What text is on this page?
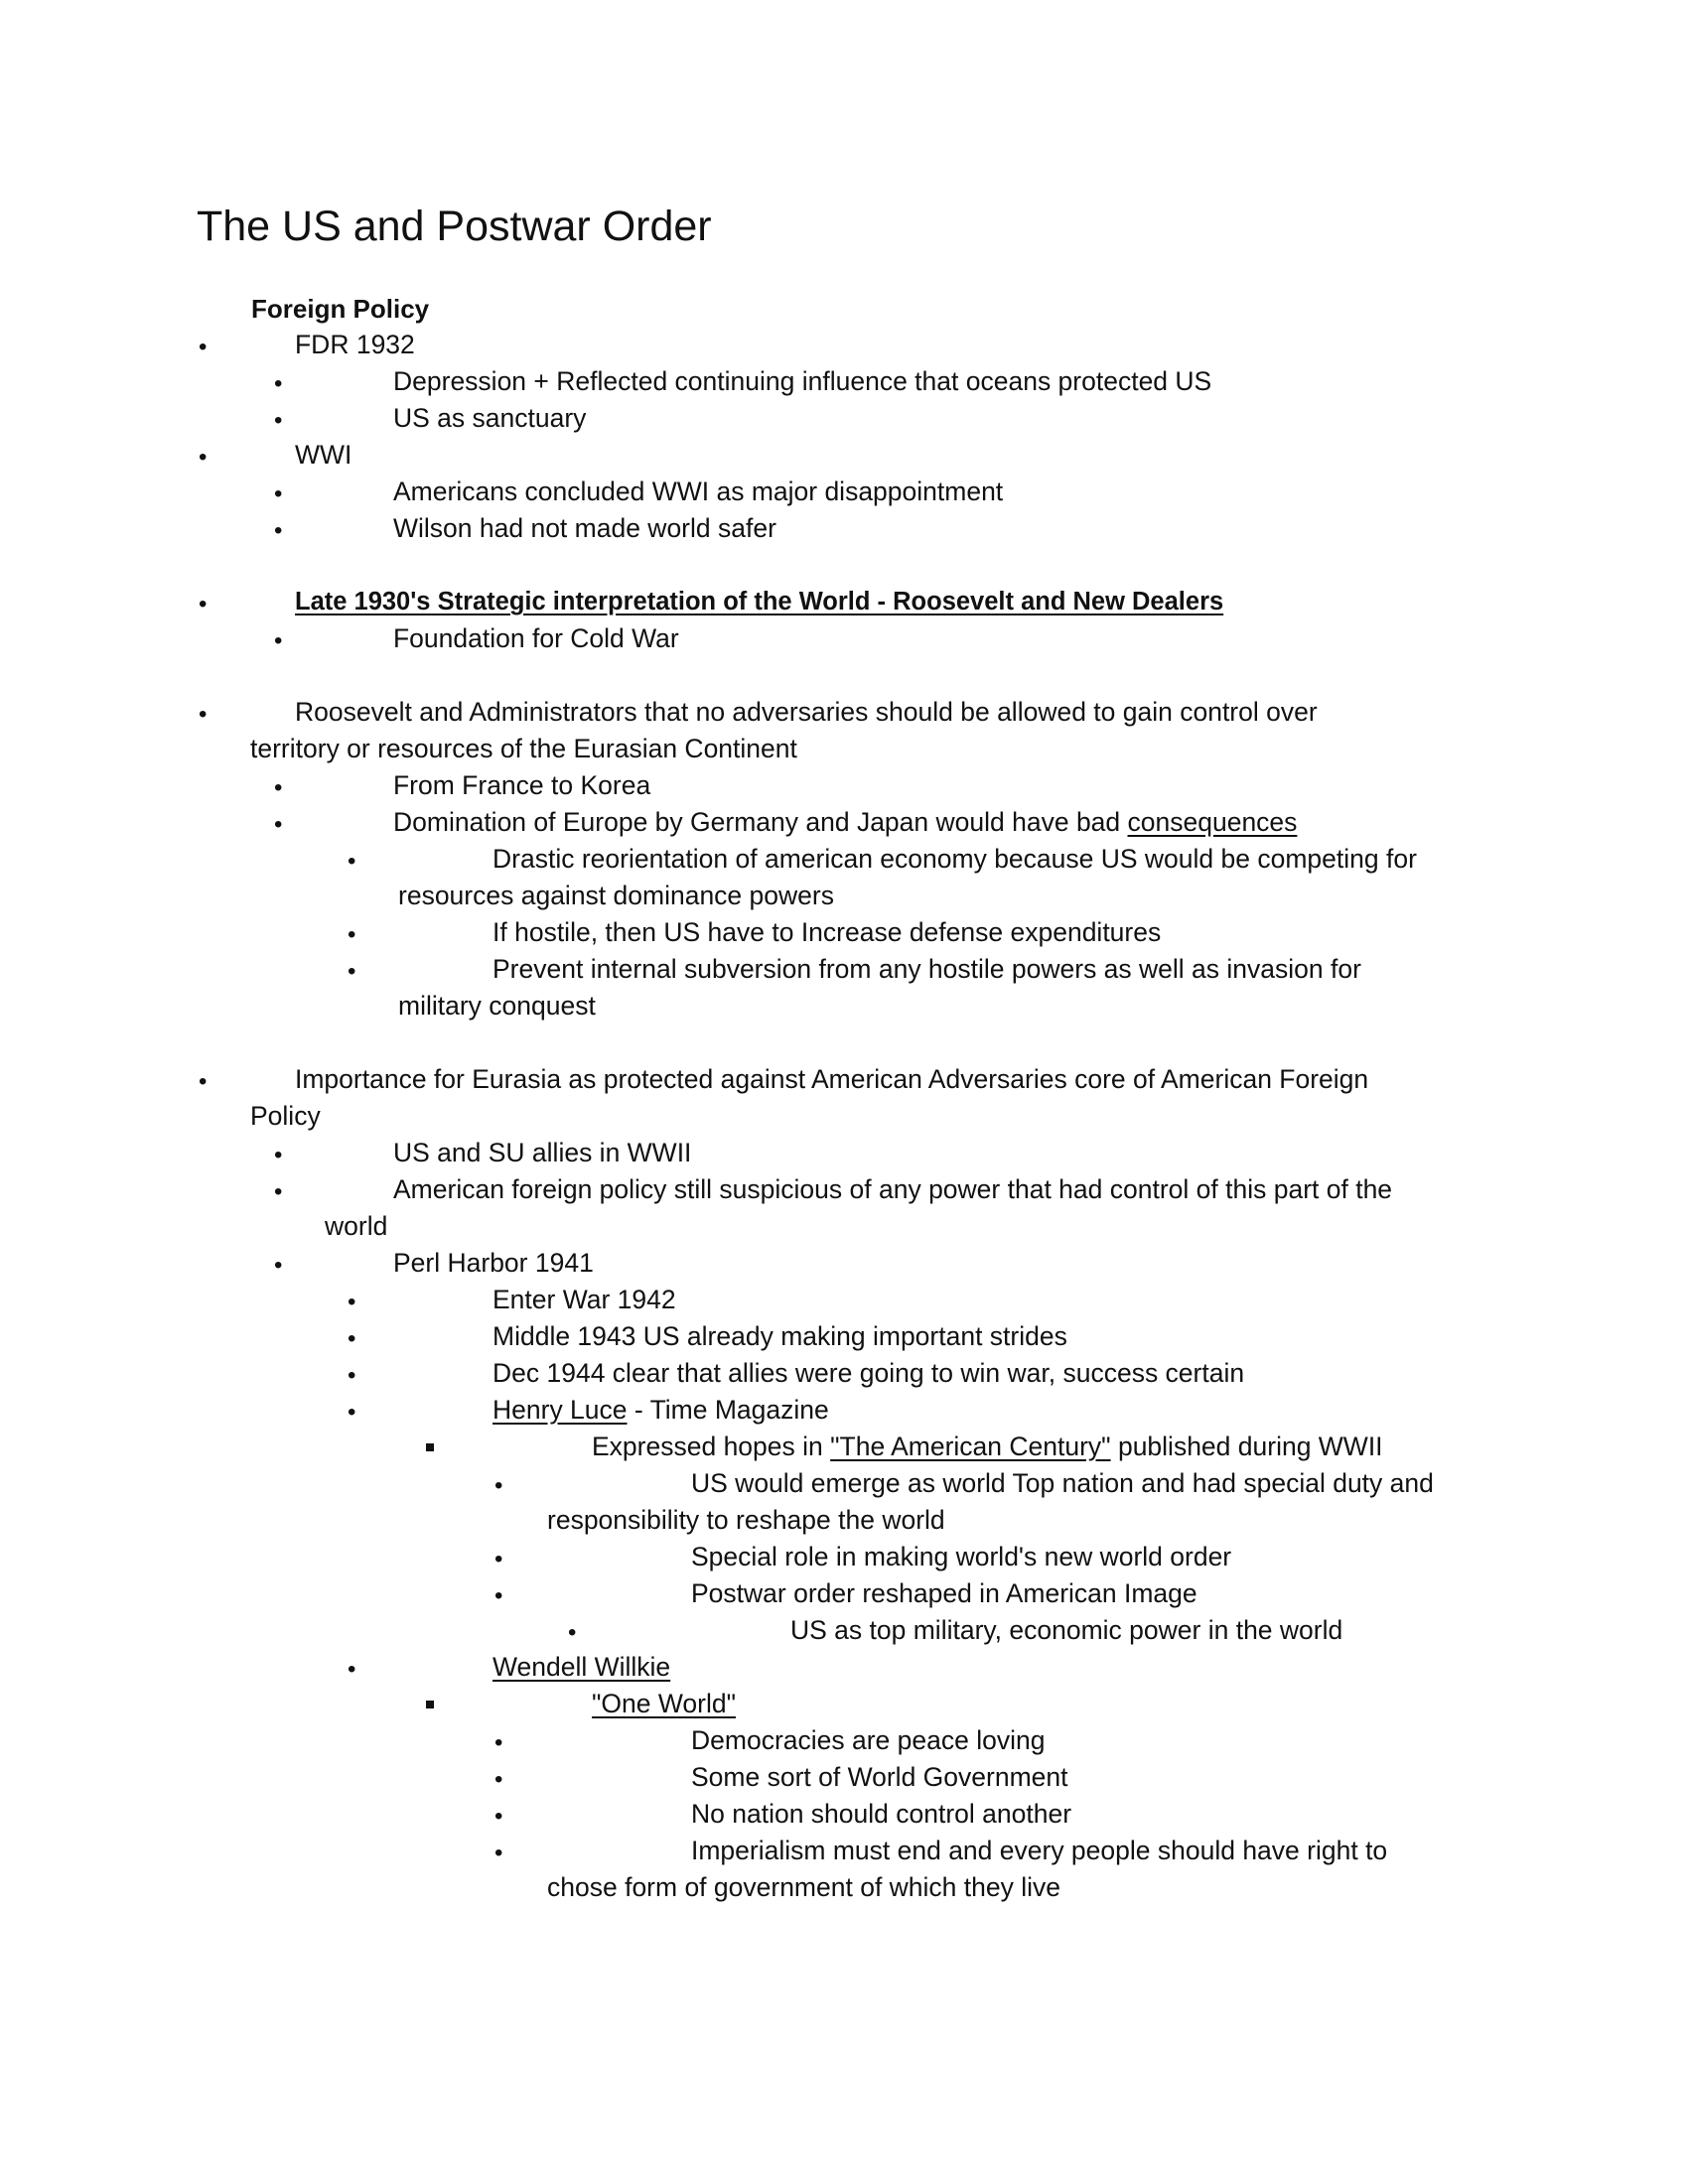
The US and Postwar Order
Foreign Policy
•	FDR 1932
•	Depression + Reflected continuing influence that oceans protected US
•	US as sanctuary
•	WWI
•	Americans concluded WWI as major disappointment
•	Wilson had not made world safer
•	Late 1930's Strategic interpretation of the World - Roosevelt and New Dealers
•	Foundation for Cold War
•	Roosevelt and Administrators that no adversaries should be allowed to gain control over
territory or resources of the Eurasian Continent
•	From France to Korea
•	Domination of Europe by Germany and Japan would have bad consequences
•	Drastic reorientation of american economy because US would be competing for
resources against dominance powers
•	If hostile, then US have to Increase defense expenditures
•	Prevent internal subversion from any hostile powers as well as invasion for
military conquest
•	Importance for Eurasia as protected against American Adversaries core of American Foreign
Policy
•	US and SU allies in WWII
•	American foreign policy still suspicious of any power that had control of this part of the
world
•	Perl Harbor 1941
•	Enter War 1942
•	Middle 1943 US already making important strides
•	Dec 1944 clear that allies were going to win war, success certain
•	Henry Luce - Time Magazine
Expressed hopes in "The American Century" published during WWII
•	US would emerge as world Top nation and had special duty and
responsibility to reshape the world
•	Special role in making world's new world order
•	Postwar order reshaped in American Image
•	US as top military, economic power in the world
•	Wendell Willkie
"One World"
•	Democracies are peace loving
•	Some sort of World Government
•	No nation should control another
•	Imperialism must end and every people should have right to
chose form of government of which they live
